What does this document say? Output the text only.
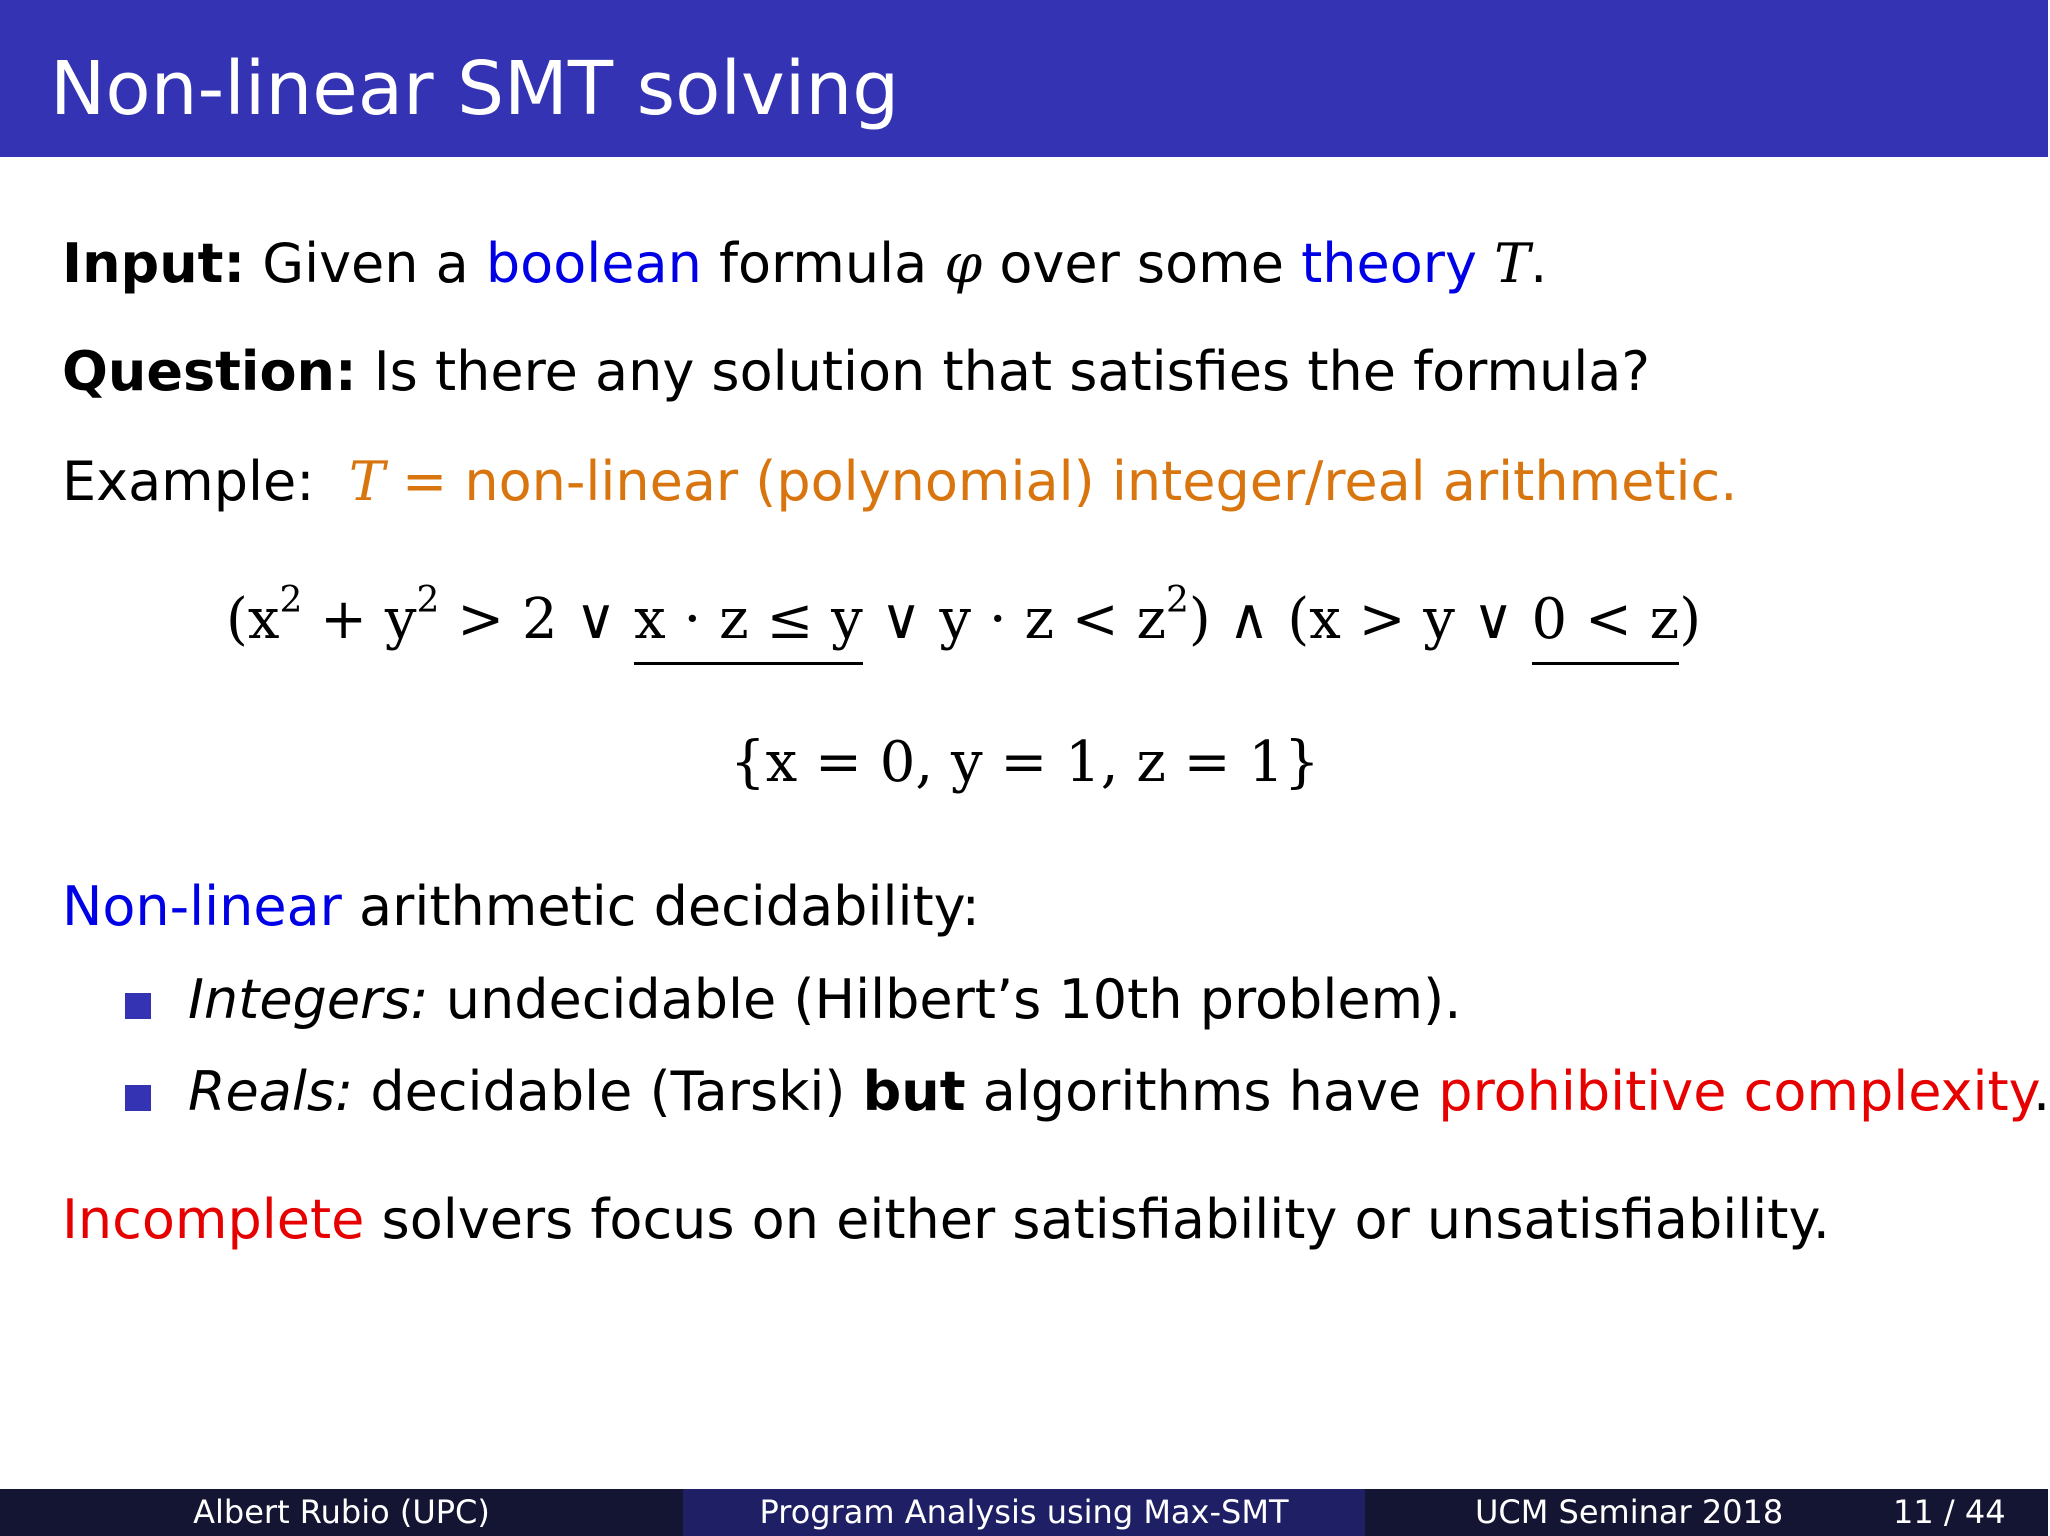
Non-linear SMT solving
Input: Given a boolean formula φ over some theory T.
Question: Is there any solution that satisfies the formula?
Example: T = non-linear (polynomial) integer/real arithmetic.
($x^2 + y^2 > 2$ ∨ x · z ≤ y ∨ $y \cdot z < z^2$) ∧ (x > y ∨ 0 < z)
{x = 0, y = 1, z = 1}
Non-linear arithmetic decidability:
Integers: undecidable (Hilbert’s 10th problem).
Reals: decidable (Tarski) but algorithms have prohibitive complexity.
Incomplete solvers focus on either satisfiability or unsatisfiability.
Albert Rubio (UPC)	Program Analysis using Max-SMT	UCM Seminar 2018	11 / 44
